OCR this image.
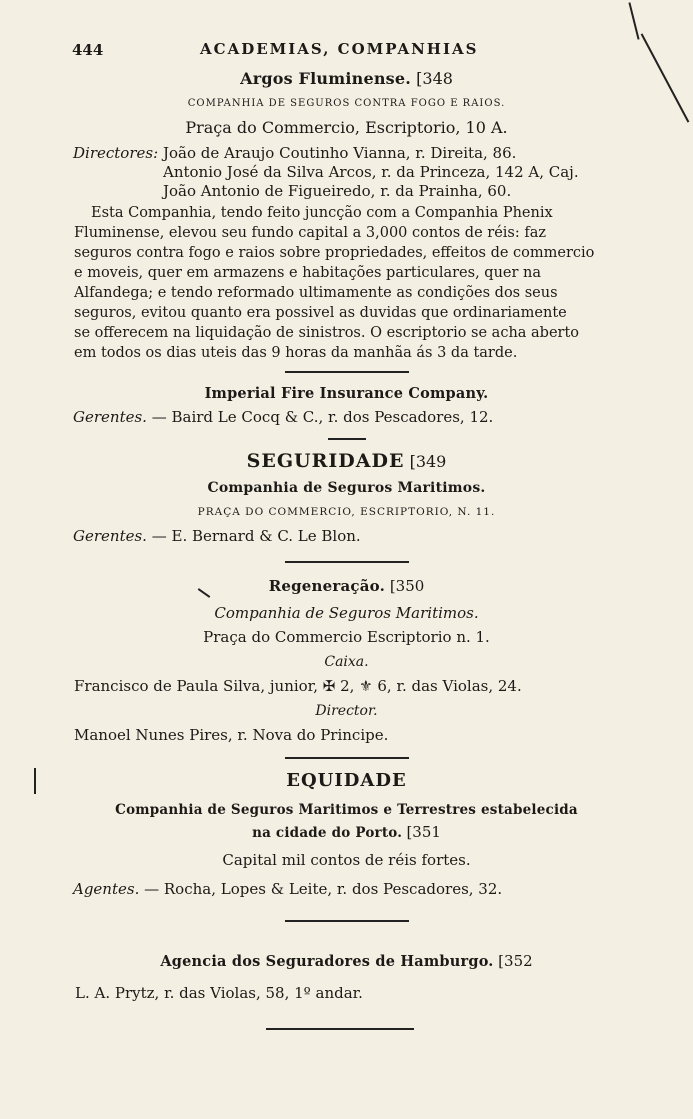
444	ACADEMIAS, COMPANHIAS
Argos Fluminense. [348
COMPANHIA DE SEGUROS CONTRA FOGO E RAIOS.
Praça do Commercio, Escriptorio, 10 A.
Directores: João de Araujo Coutinho Vianna, r. Direita, 86.
Antonio José da Silva Arcos, r. da Princeza, 142 A, Caj.
João Antonio de Figueiredo, r. da Prainha, 60.
Esta Companhia, tendo feito juncção com a Companhia Phenix
Fluminense, elevou seu fundo capital a 3,000 contos de réis: faz
seguros contra fogo e raios sobre propriedades, effeitos de commercio
e moveis, quer em armazens e habitações particulares, quer na
Alfandega; e tendo reformado ultimamente as condições dos seus
seguros, evitou quanto era possivel as duvidas que ordinariamente
se offerecem na liquidação de sinistros. O escriptorio se acha aberto
em todos os dias uteis das 9 horas da manhãa ás 3 da tarde.
Imperial Fire Insurance Company.
Gerentes. — Baird Le Cocq & C., r. dos Pescadores, 12.
SEGURIDADE [349
Companhia de Seguros Maritimos.
PRAÇA DO COMMERCIO, ESCRIPTORIO, N. 11.
Gerentes. — E. Bernard & C. Le Blon.
Regeneração. [350
Companhia de Seguros Maritimos.
Praça do Commercio Escriptorio n. 1.
Caixa.
Francisco de Paula Silva, junior, ✠ 2, ⚜ 6, r. das Violas, 24.
Director.
Manoel Nunes Pires, r. Nova do Principe.
EQUIDADE
Companhia de Seguros Maritimos e Terrestres estabelecida
na cidade do Porto. [351
Capital mil contos de réis fortes.
Agentes. — Rocha, Lopes & Leite, r. dos Pescadores, 32.
Agencia dos Seguradores de Hamburgo. [352
L. A. Prytz, r. das Violas, 58, 1º andar.
